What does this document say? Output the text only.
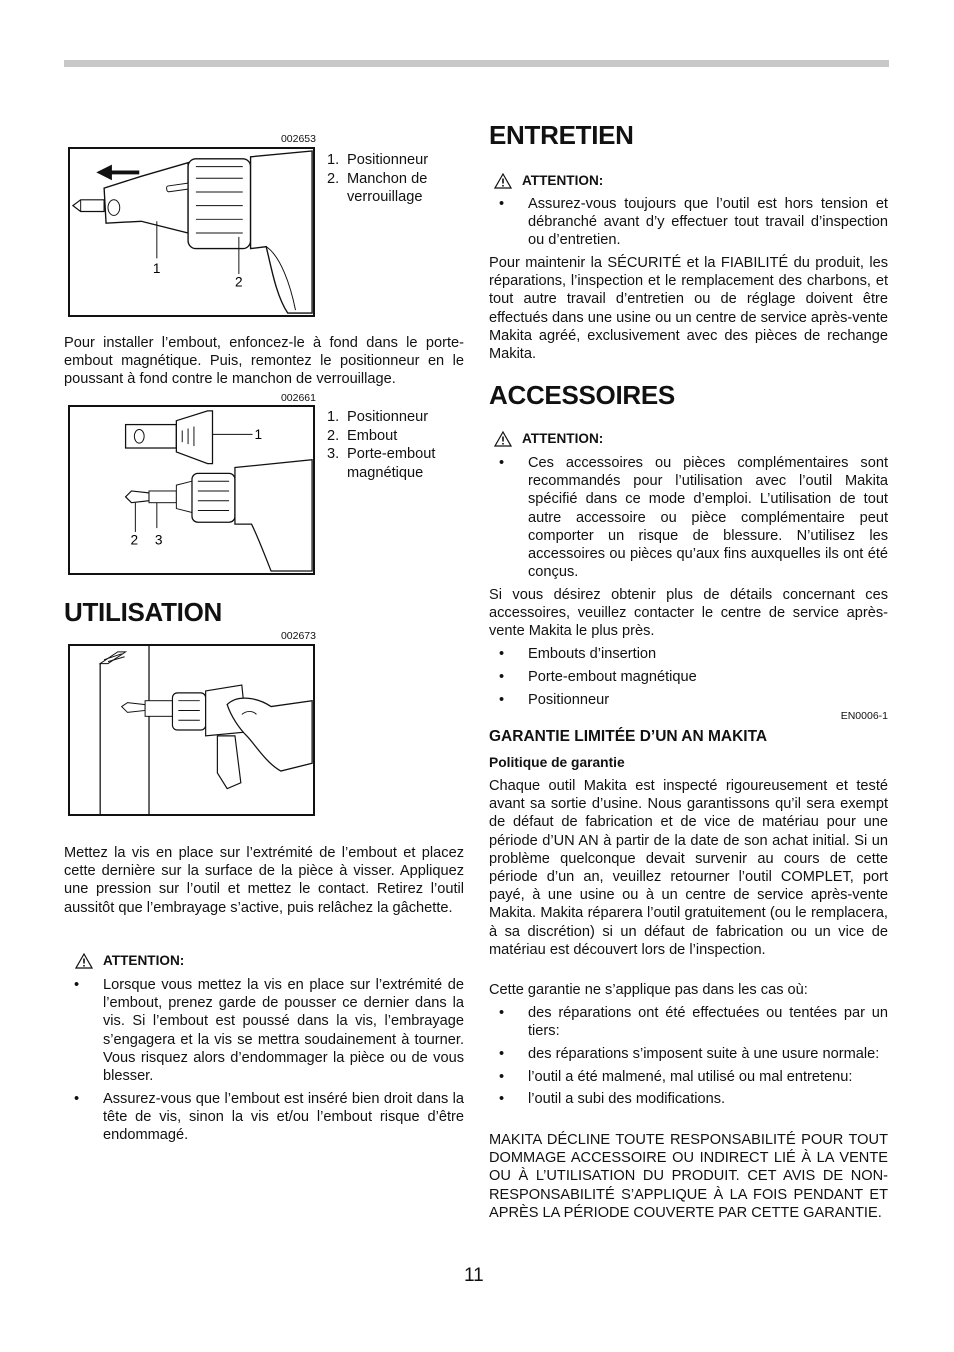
002653
1
2
1. Positionneur
2. Manchon de verrouillage
Pour installer l’embout, enfoncez-le à fond dans le porte-embout magnétique. Puis, remontez le positionneur en le poussant à fond contre le manchon de verrouillage.
002661
1
2 3
1. Positionneur
2. Embout
3. Porte-embout magnétique
UTILISATION
002673
Mettez la vis en place sur l’extrémité de l’embout et placez cette dernière sur la surface de la pièce à visser. Appliquez une pression sur l’outil et mettez le contact. Retirez l’outil aussitôt que l’embrayage s’active, puis relâchez la gâchette.
ATTENTION:
• Lorsque vous mettez la vis en place sur l’extrémité de l’embout, prenez garde de pousser ce dernier dans la vis. Si l’embout est poussé dans la vis, l’embrayage s’engagera et la vis se mettra soudainement à tourner. Vous risquez alors d’endommager la pièce ou de vous blesser.
• Assurez-vous que l’embout est inséré bien droit dans la tête de vis, sinon la vis et/ou l’embout risque d’être endommagé.
ENTRETIEN
ATTENTION:
• Assurez-vous toujours que l’outil est hors tension et débranché avant d’y effectuer tout travail d’inspection ou d’entretien.
Pour maintenir la SÉCURITÉ et la FIABILITÉ du produit, les réparations, l’inspection et le remplacement des charbons, et tout autre travail d’entretien ou de réglage doivent être effectués dans une usine ou un centre de service après-vente Makita agréé, exclusivement avec des pièces de rechange Makita.
ACCESSOIRES
ATTENTION:
• Ces accessoires ou pièces complémentaires sont recommandés pour l’utilisation avec l’outil Makita spécifié dans ce mode d’emploi. L’utilisation de tout autre accessoire ou pièce complémentaire peut comporter un risque de blessure. N’utilisez les accessoires ou pièces qu’aux fins auxquelles ils ont été conçus.
Si vous désirez obtenir plus de détails concernant ces accessoires, veuillez contacter le centre de service après-vente Makita le plus près.
• Embouts d’insertion
• Porte-embout magnétique
• Positionneur
EN0006-1
GARANTIE LIMITÉE D’UN AN MAKITA
Politique de garantie
Chaque outil Makita est inspecté rigoureusement et testé avant sa sortie d’usine. Nous garantissons qu’il sera exempt de défaut de fabrication et de vice de matériau pour une période d’UN AN à partir de la date de son achat initial. Si un problème quelconque devait survenir au cours de cette période d’un an, veuillez retourner l’outil COMPLET, port payé, à une usine ou à un centre de service après-vente Makita. Makita réparera l’outil gratuitement (ou le remplacera, à sa discrétion) si un défaut de fabrication ou un vice de matériau est découvert lors de l’inspection.
Cette garantie ne s’applique pas dans les cas où:
• des réparations ont été effectuées ou tentées par un tiers:
• des réparations s’imposent suite à une usure normale:
• l’outil a été malmené, mal utilisé ou mal entretenu:
• l’outil a subi des modifications.
MAKITA DÉCLINE TOUTE RESPONSABILITÉ POUR TOUT DOMMAGE ACCESSOIRE OU INDIRECT LIÉ À LA VENTE OU À L’UTILISATION DU PRODUIT. CET AVIS DE NON-RESPONSABILITÉ S’APPLIQUE À LA FOIS PENDANT ET APRÈS LA PÉRIODE COUVERTE PAR CETTE GARANTIE.
11
